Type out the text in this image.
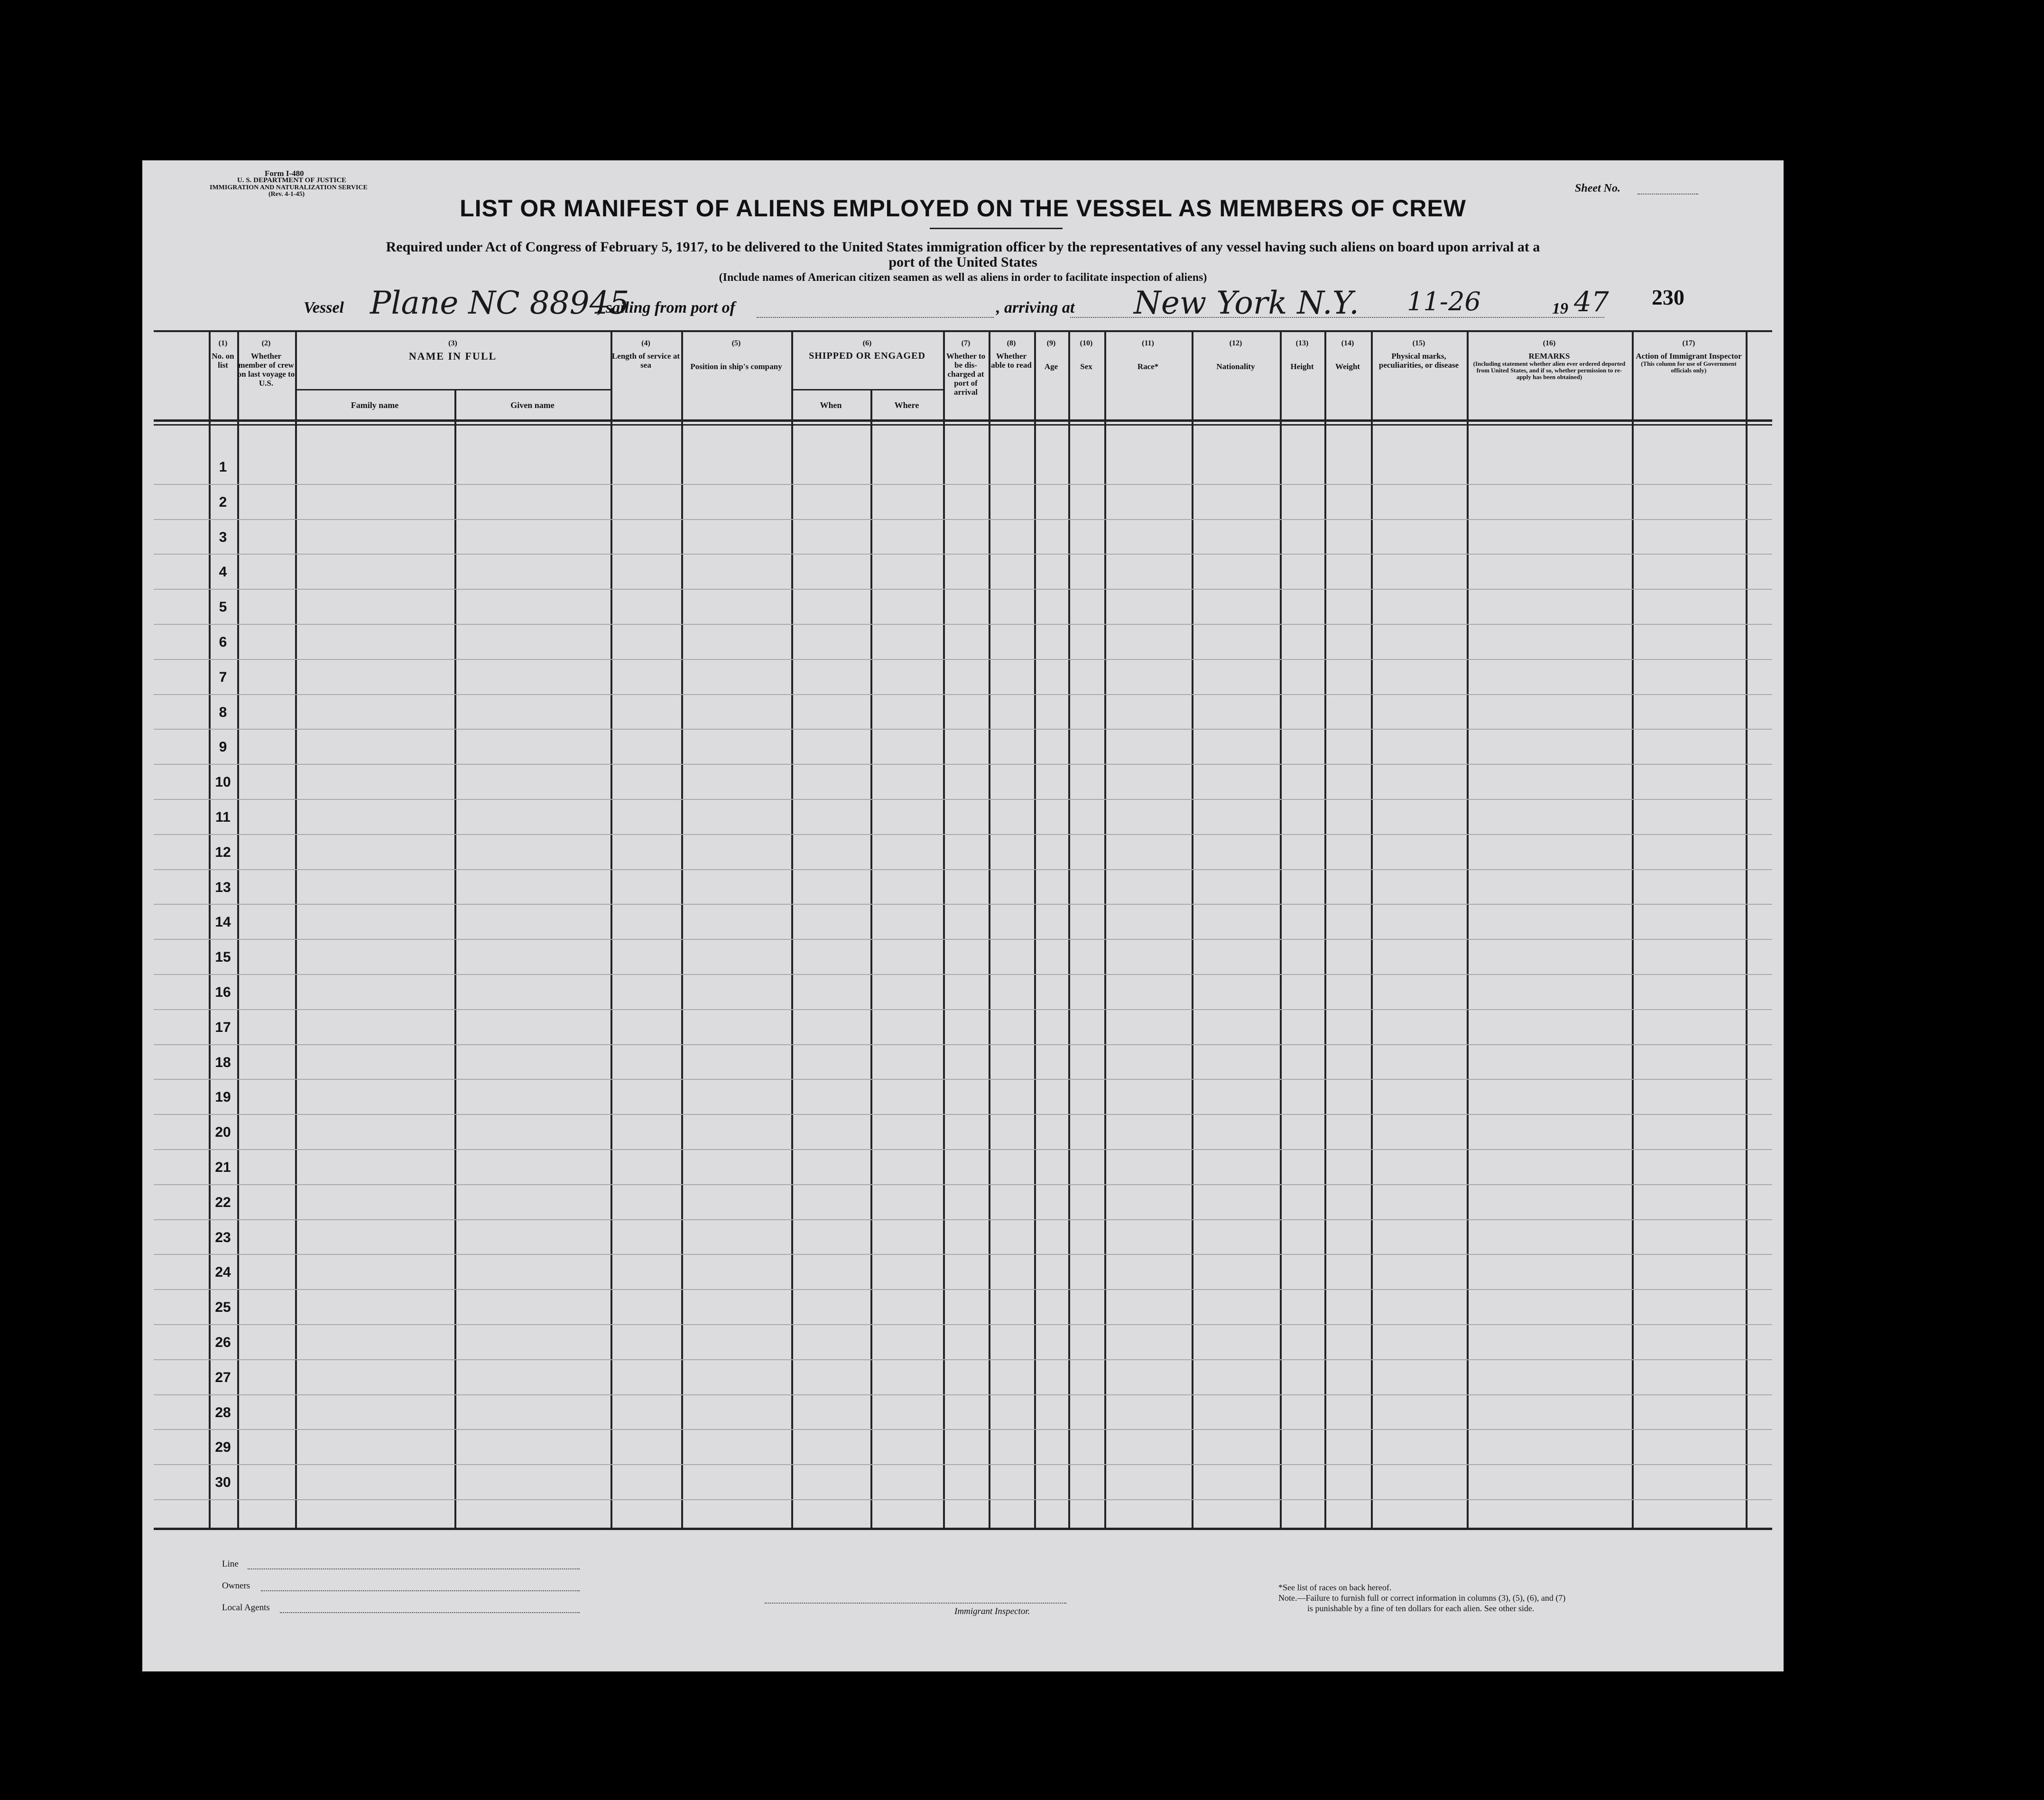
Form I-480
U. S. DEPARTMENT OF JUSTICE
IMMIGRATION AND NATURALIZATION SERVICE
(Rev. 4-1-45)	Sheet No.
LIST OR MANIFEST OF ALIENS EMPLOYED ON THE VESSEL AS MEMBERS OF CREW
Required under Act of Congress of February 5, 1917, to be delivered to the United States immigration officer by the representatives of any vessel having such aliens on board upon arrival at a
port of the United States
(Include names of American citizen seamen as well as aliens in order to facilitate inspection of aliens)
230
Vessel Plane NC 88945
, sailing from port of	, arriving at New York N.Y. 11-26	19 47
(1)
No. on list
(2)
Whether member of crew on last voyage to U.S.
(3)
NAME IN FULL
Family name	Given name
(4)
Length of service at sea
(5)
Position in ship's company
(6)
SHIPPED OR ENGAGED
When	Where
(7)
Whether to be dis-charged at port of arrival
(8)
Whether able to read
(9)
Age
(10)
Sex
(11)
Race*
(12)
Nationality
(13)
Height
(14)
Weight
(15)
Physical marks, peculiarities, or disease
(16)
REMARKS
(Including statement whether alien ever ordered deported from United States, and if so, whether permission to re-apply has been obtained)
(17)
Action of Immigrant Inspector
(This column for use of Government officials only)
1
2
3
4
5
6
7
8
9
10
11
12
13
14
15
16
17
18
19
20
21
22
23
24
25
26
27
28
29
30
Line
Owners
Local Agents	Immigrant Inspector.
*See list of races on back hereof.
Note.—Failure to furnish full or correct information in columns (3), (5), (6), and (7)
is punishable by a fine of ten dollars for each alien. See other side.
